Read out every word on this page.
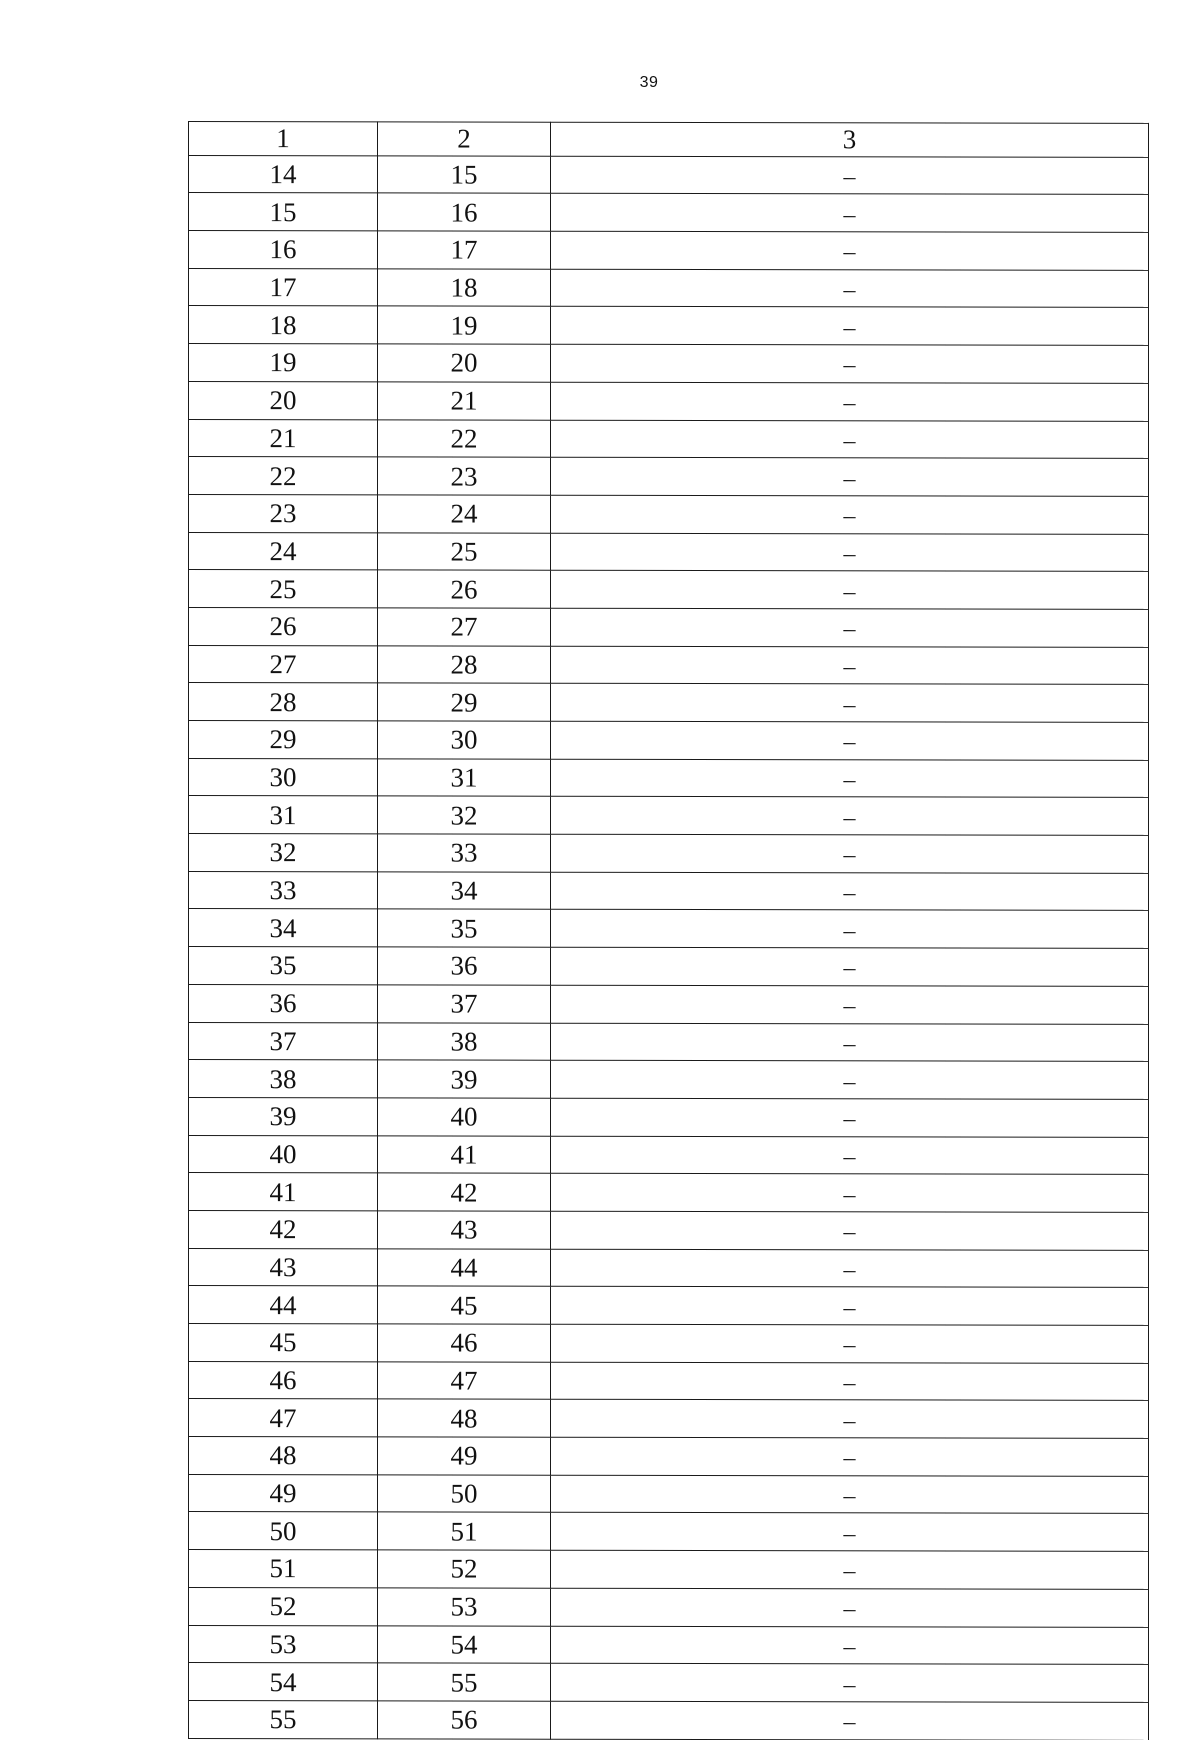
39
1	2	3
14	15	–
15	16	–
16	17	–
17	18	–
18	19	–
19	20	–
20	21	–
21	22	–
22	23	–
23	24	–
24	25	–
25	26	–
26	27	–
27	28	–
28	29	–
29	30	–
30	31	–
31	32	–
32	33	–
33	34	–
34	35	–
35	36	–
36	37	–
37	38	–
38	39	–
39	40	–
40	41	–
41	42	–
42	43	–
43	44	–
44	45	–
45	46	–
46	47	–
47	48	–
48	49	–
49	50	–
50	51	–
51	52	–
52	53	–
53	54	–
54	55	–
55	56	–
